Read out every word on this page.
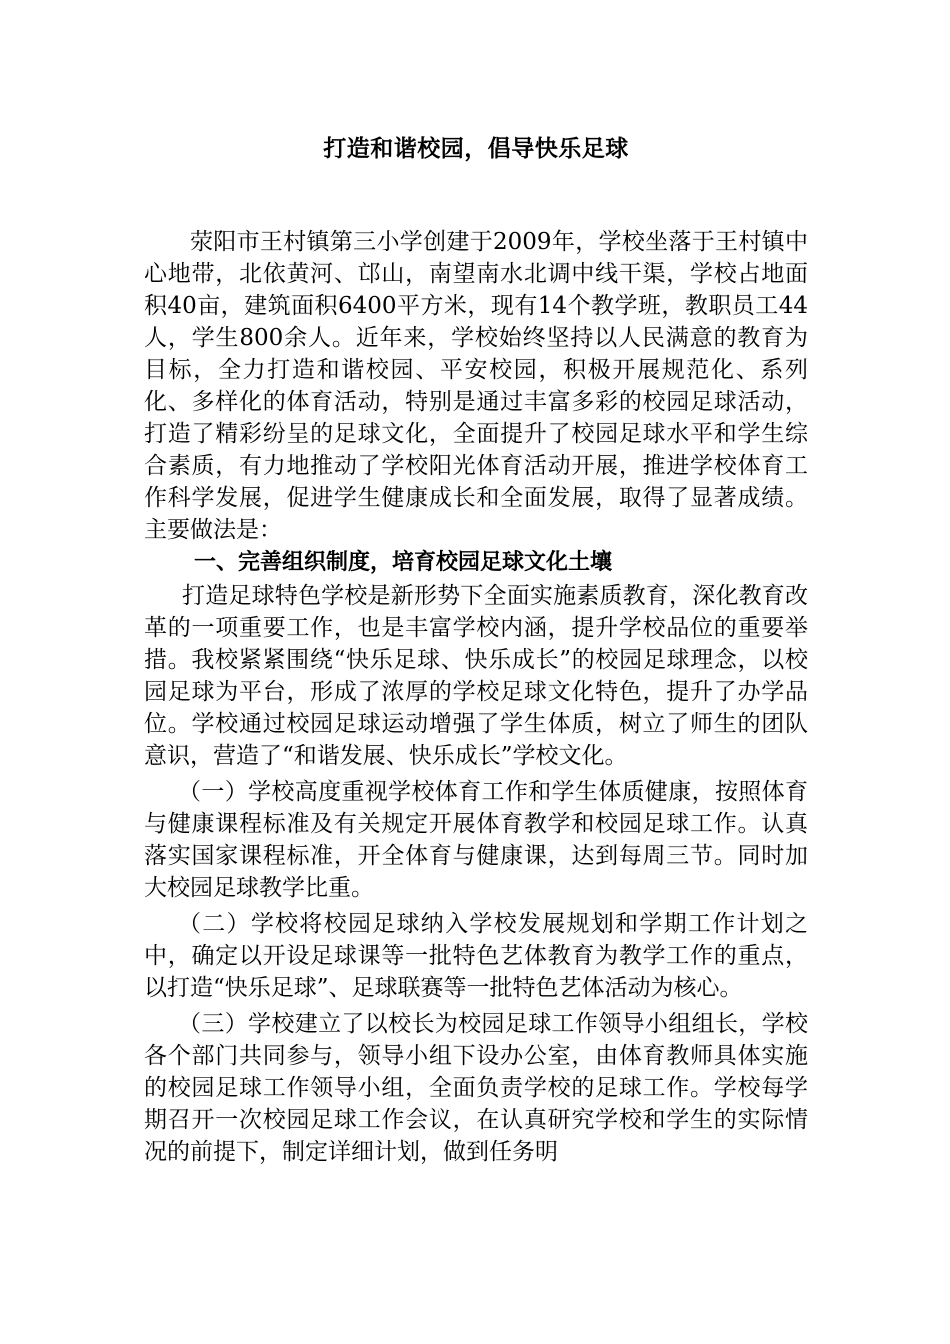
打造和谐校园，倡导快乐足球

荥阳市王村镇第三小学创建于2009年，学校坐落于王村镇中心地带，北依黄河、邙山，南望南水北调中线干渠，学校占地面积40亩，建筑面积6400平方米，现有14个教学班，教职员工44人，学生800余人。近年来，学校始终坚持以人民满意的教育为目标，全力打造和谐校园、平安校园，积极开展规范化、系列化、多样化的体育活动，特别是通过丰富多彩的校园足球活动，打造了精彩纷呈的足球文化，全面提升了校园足球水平和学生综合素质，有力地推动了学校阳光体育活动开展，推进学校体育工作科学发展，促进学生健康成长和全面发展，取得了显著成绩。主要做法是：

一、完善组织制度，培育校园足球文化土壤

打造足球特色学校是新形势下全面实施素质教育，深化教育改革的一项重要工作，也是丰富学校内涵，提升学校品位的重要举措。我校紧紧围绕“快乐足球、快乐成长”的校园足球理念，以校园足球为平台，形成了浓厚的学校足球文化特色，提升了办学品位。学校通过校园足球运动增强了学生体质，树立了师生的团队意识，营造了“和谐发展、快乐成长”学校文化。

（一）学校高度重视学校体育工作和学生体质健康，按照体育与健康课程标准及有关规定开展体育教学和校园足球工作。认真落实国家课程标准，开全体育与健康课，达到每周三节。同时加大校园足球教学比重。

（二）学校将校园足球纳入学校发展规划和学期工作计划之中，确定以开设足球课等一批特色艺体教育为教学工作的重点，以打造“快乐足球”、足球联赛等一批特色艺体活动为核心。

（三）学校建立了以校长为校园足球工作领导小组组长，学校各个部门共同参与，领导小组下设办公室，由体育教师具体实施的校园足球工作领导小组，全面负责学校的足球工作。学校每学期召开一次校园足球工作会议，在认真研究学校和学生的实际情况的前提下，制定详细计划，做到任务明
